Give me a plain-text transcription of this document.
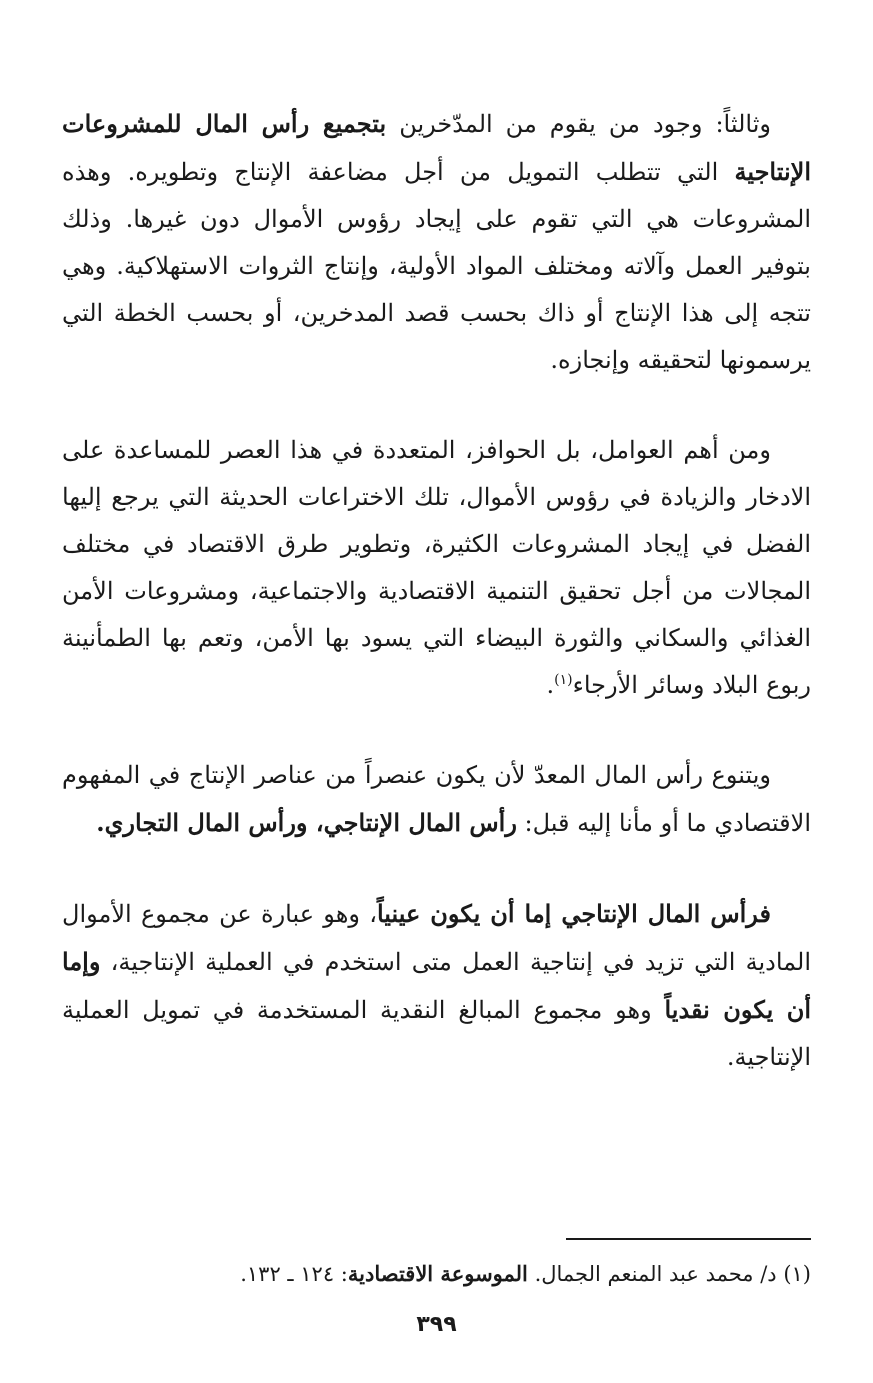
وثالثاً: وجود من يقوم من المدّخرين بتجميع رأس المال للمشروعات الإنتاجية التي تتطلب التمويل من أجل مضاعفة الإنتاج وتطويره. وهذه المشروعات هي التي تقوم على إيجاد رؤوس الأموال دون غيرها. وذلك بتوفير العمل وآلاته ومختلف المواد الأولية، وإنتاج الثروات الاستهلاكية. وهي تتجه إلى هذا الإنتاج أو ذاك بحسب قصد المدخرين، أو بحسب الخطة التي يرسمونها لتحقيقه وإنجازه.

ومن أهم العوامل، بل الحوافز، المتعددة في هذا العصر للمساعدة على الادخار والزيادة في رؤوس الأموال، تلك الاختراعات الحديثة التي يرجع إليها الفضل في إيجاد المشروعات الكثيرة، وتطوير طرق الاقتصاد في مختلف المجالات من أجل تحقيق التنمية الاقتصادية والاجتماعية، ومشروعات الأمن الغذائي والسكاني والثورة البيضاء التي يسود بها الأمن، وتعم بها الطمأنينة ربوع البلاد وسائر الأرجاء$^{(١)}$.

ويتنوع رأس المال المعدّ لأن يكون عنصراً من عناصر الإنتاج في المفهوم الاقتصادي ما أو مأنا إليه قبل: رأس المال الإنتاجي، ورأس المال التجاري.

فرأس المال الإنتاجي إما أن يكون عينياً، وهو عبارة عن مجموع الأموال المادية التي تزيد في إنتاجية العمل متى استخدم في العملية الإنتاجية، وإما أن يكون نقدياً وهو مجموع المبالغ النقدية المستخدمة في تمويل العملية الإنتاجية.

(١) د/ محمد عبد المنعم الجمال. الموسوعة الاقتصادية: ١٢٤ ـ ١٣٢.
٣٩٩
